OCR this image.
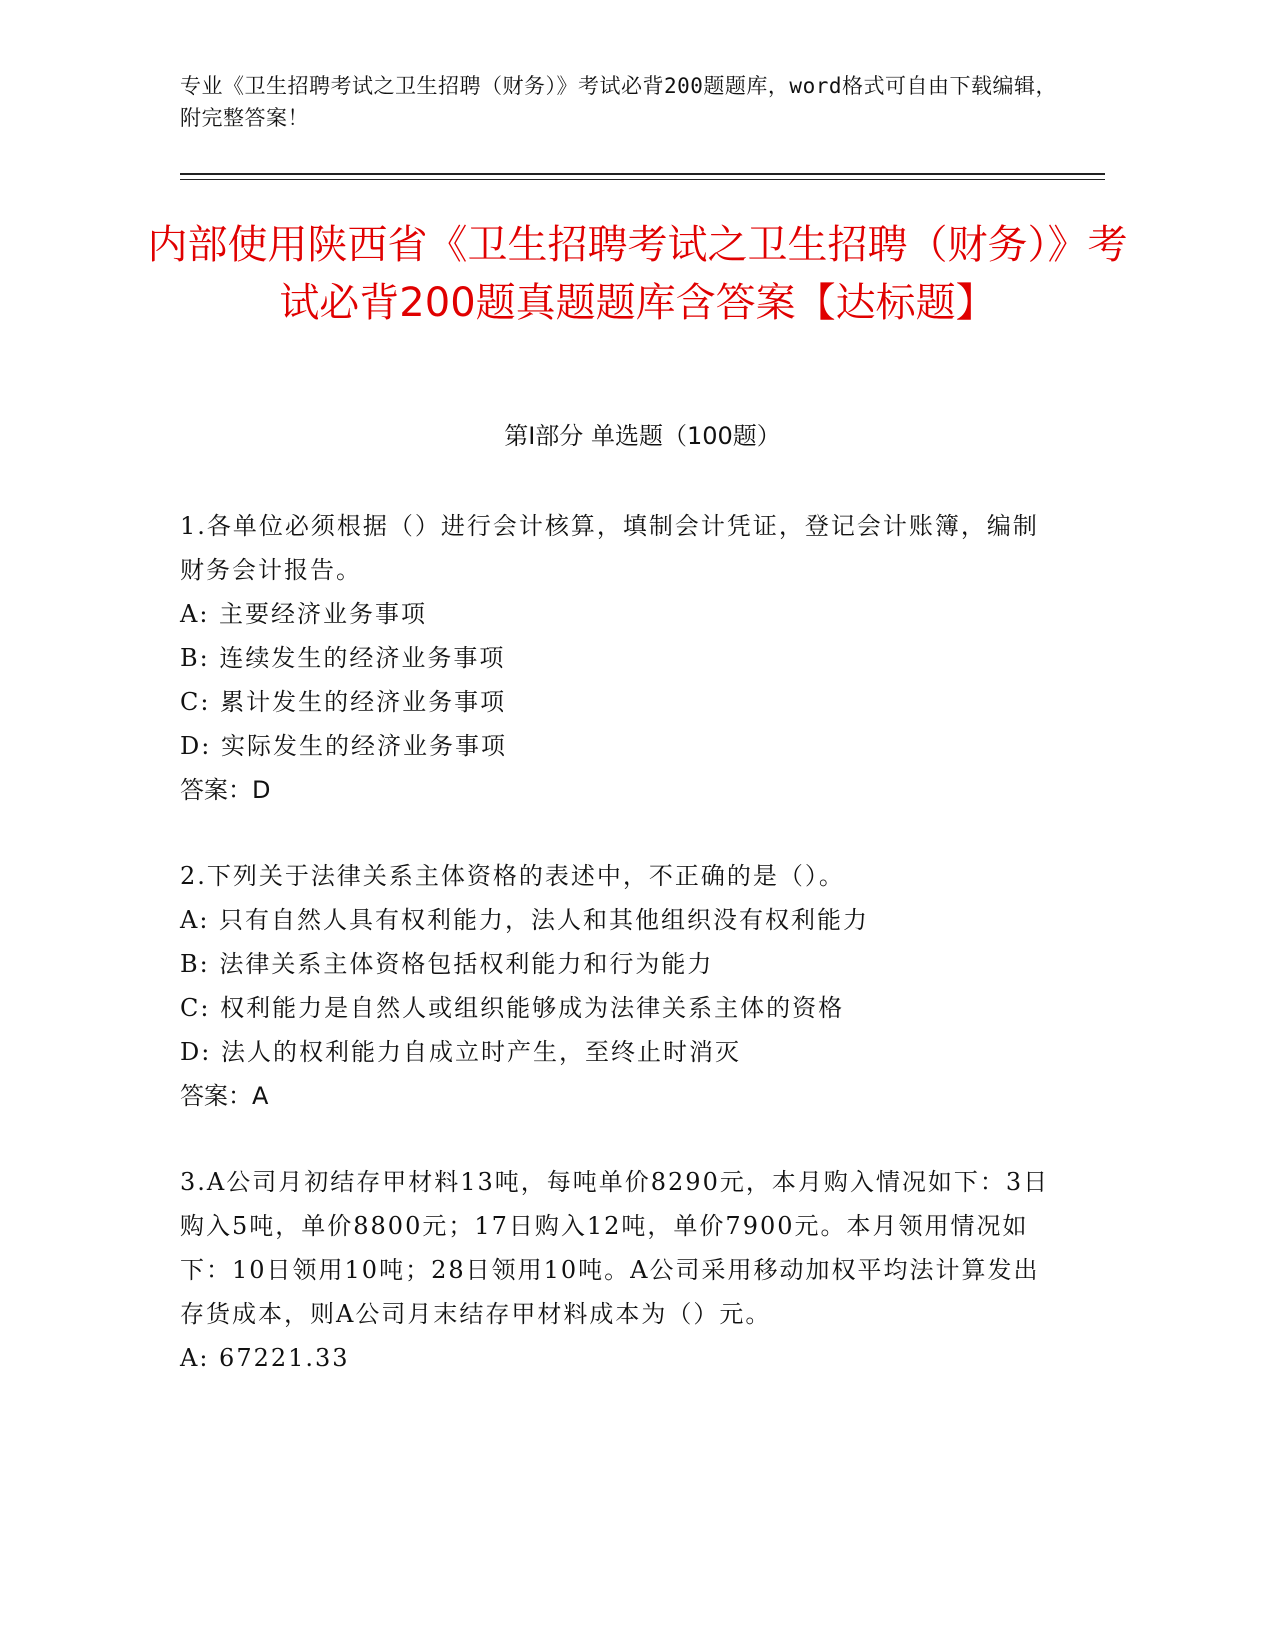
专业《卫生招聘考试之卫生招聘（财务）》考试必背200题题库，word格式可自由下载编辑，附完整答案！
内部使用陕西省《卫生招聘考试之卫生招聘（财务）》考试必背200题真题题库含答案【达标题】
第Ⅰ部分 单选题（100题）
1.各单位必须根据（）进行会计核算，填制会计凭证，登记会计账簿，编制财务会计报告。
A: 主要经济业务事项
B: 连续发生的经济业务事项
C: 累计发生的经济业务事项
D: 实际发生的经济业务事项
答案：D
2.下列关于法律关系主体资格的表述中，不正确的是（）。
A: 只有自然人具有权利能力，法人和其他组织没有权利能力
B: 法律关系主体资格包括权利能力和行为能力
C: 权利能力是自然人或组织能够成为法律关系主体的资格
D: 法人的权利能力自成立时产生，至终止时消灭
答案：A
3.A公司月初结存甲材料13吨，每吨单价8290元，本月购入情况如下：3日购入5吨，单价8800元；17日购入12吨，单价7900元。本月领用情况如下：10日领用10吨；28日领用10吨。A公司采用移动加权平均法计算发出存货成本，则A公司月末结存甲材料成本为（）元。
A: 67221.33
